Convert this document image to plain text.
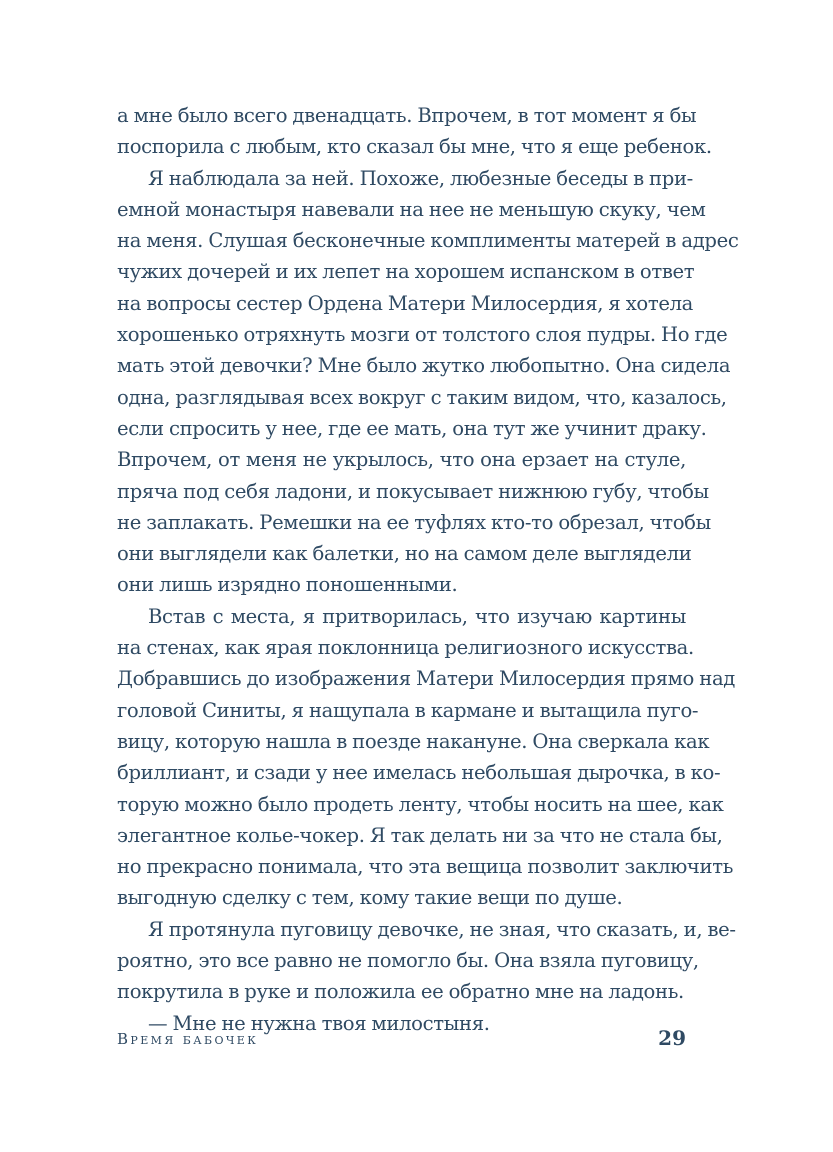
а мне было всего двенадцать. Впрочем, в тот момент я бы
поспорила с любым, кто сказал бы мне, что я еще ребенок.
Я наблюдала за ней. Похоже, любезные беседы в при-
емной монастыря навевали на нее не меньшую скуку, чем
на меня. Слушая бесконечные комплименты матерей в адрес
чужих дочерей и их лепет на хорошем испанском в ответ
на вопросы сестер Ордена Матери Милосердия, я хотела
хорошенько отряхнуть мозги от толстого слоя пудры. Но где
мать этой девочки? Мне было жутко любопытно. Она сидела
одна, разглядывая всех вокруг с таким видом, что, казалось,
если спросить у нее, где ее мать, она тут же учинит драку.
Впрочем, от меня не укрылось, что она ерзает на стуле,
пряча под себя ладони, и покусывает нижнюю губу, чтобы
не заплакать. Ремешки на ее туфлях кто-то обрезал, чтобы
они выглядели как балетки, но на самом деле выглядели
они лишь изрядно поношенными.
Встав с места, я притворилась, что изучаю картины
на стенах, как ярая поклонница религиозного искусства.
Добравшись до изображения Матери Милосердия прямо над
головой Синиты, я нащупала в кармане и вытащила пуго-
вицу, которую нашла в поезде накануне. Она сверкала как
бриллиант, и сзади у нее имелась небольшая дырочка, в ко-
торую можно было продеть ленту, чтобы носить на шее, как
элегантное колье-чокер. Я так делать ни за что не стала бы,
но прекрасно понимала, что эта вещица позволит заключить
выгодную сделку с тем, кому такие вещи по душе.
Я протянула пуговицу девочке, не зная, что сказать, и, ве-
роятно, это все равно не помогло бы. Она взяла пуговицу,
покрутила в руке и положила ее обратно мне на ладонь.
— Мне не нужна твоя милостыня.
Время бабочек	29
